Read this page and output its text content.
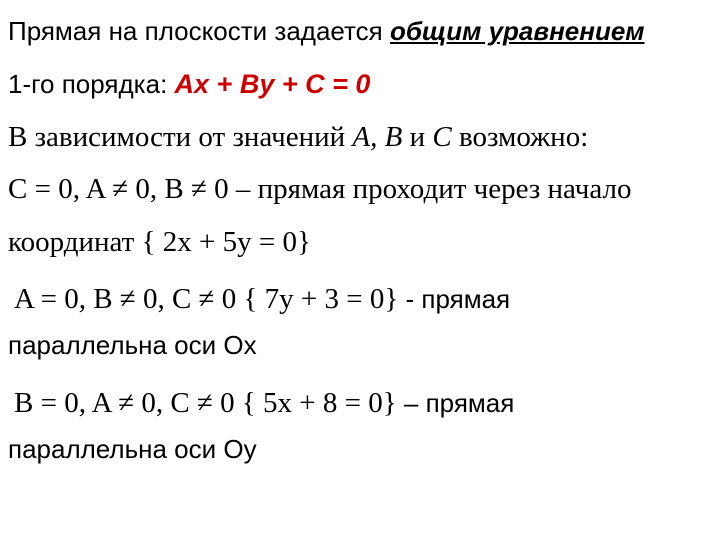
Прямая на плоскости задается общим уравнением
1-го порядка: Ax + By + C = 0
В зависимости от значений A, B и C возможно:
C = 0, A ≠ 0, B ≠ 0 – прямая проходит через начало
координат { 2x + 5y = 0}
A = 0, B ≠ 0, C ≠ 0 { 7y + 3 = 0} - прямая
параллельна оси Ox
B = 0, A ≠ 0, C ≠ 0 { 5x + 8 = 0} – прямая
параллельна оси Oy
